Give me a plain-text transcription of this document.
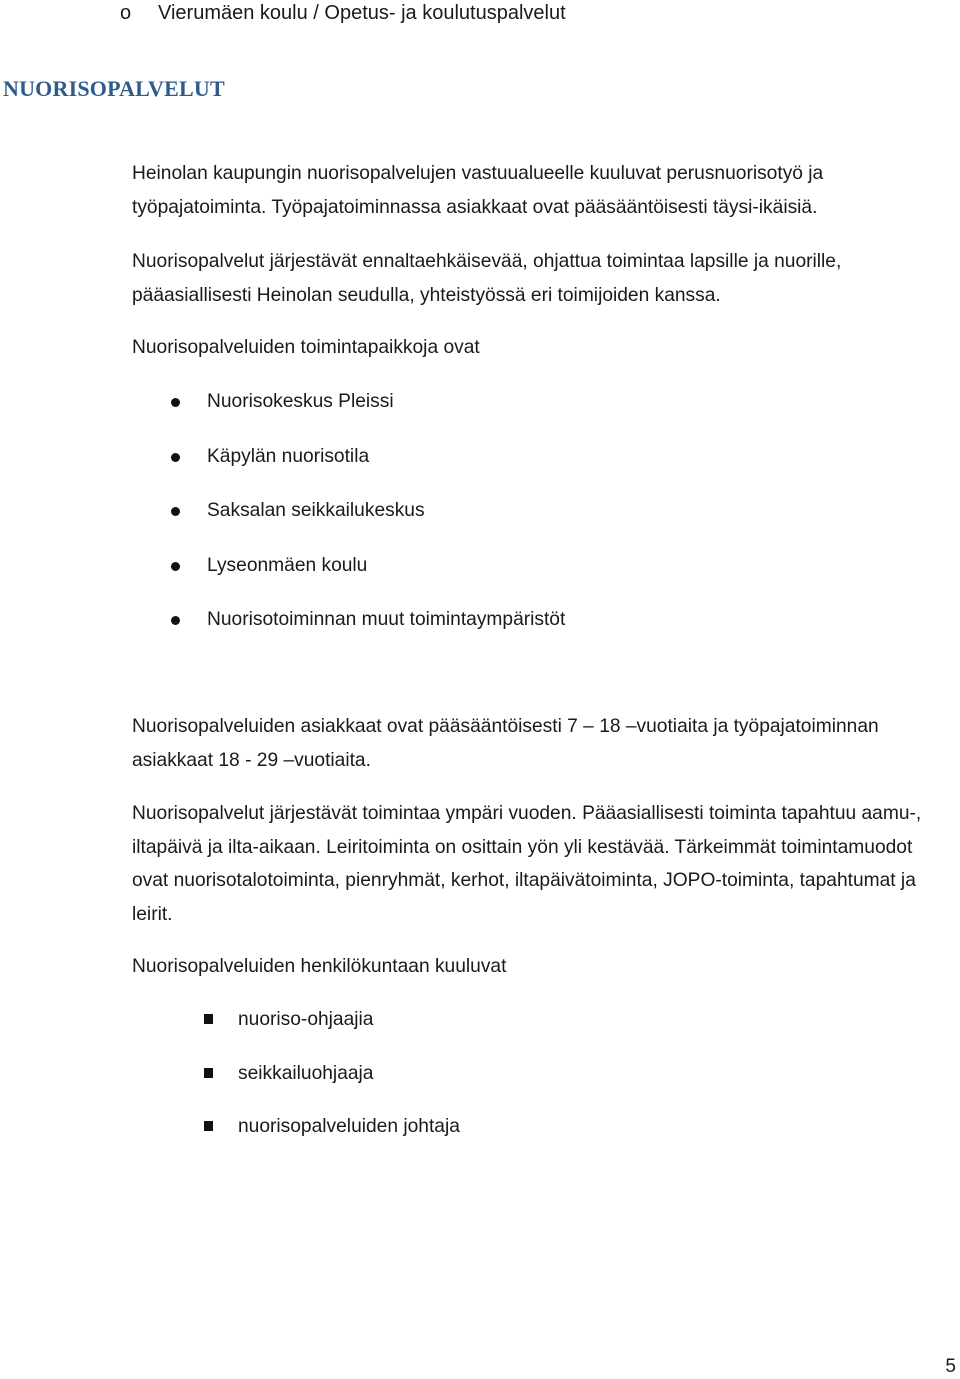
o Vierumäen koulu / Opetus- ja koulutuspalvelut
NUORISOPALVELUT

Heinolan kaupungin nuorisopalvelujen vastuualueelle kuuluvat perusnuorisotyö ja työpajatoiminta. Työpajatoiminnassa asiakkaat ovat pääsääntöisesti täysi-ikäisiä.

Nuorisopalvelut järjestävät ennaltaehkäisevää, ohjattua toimintaa lapsille ja nuorille, pääasiallisesti Heinolan seudulla, yhteistyössä eri toimijoiden kanssa.

Nuorisopalveluiden toimintapaikkoja ovat

Nuorisokeskus Pleissi
Käpylän nuorisotila
Saksalan seikkailukeskus
Lyseonmäen koulu
Nuorisotoiminnan muut toimintaympäristöt

Nuorisopalveluiden asiakkaat ovat pääsääntöisesti 7 – 18 –vuotiaita ja työpajatoiminnan asiakkaat 18 - 29 –vuotiaita.

Nuorisopalvelut järjestävät toimintaa ympäri vuoden. Pääasiallisesti toiminta tapahtuu aamu-, iltapäivä ja ilta-aikaan. Leiritoiminta on osittain yön yli kestävää. Tärkeimmät toimintamuodot ovat nuorisotalotoiminta, pienryhmät, kerhot, iltapäivätoiminta, JOPO-toiminta, tapahtumat ja leirit.

Nuorisopalveluiden henkilökuntaan kuuluvat

nuoriso-ohjaajia
seikkailuohjaaja
nuorisopalveluiden johtaja
5
